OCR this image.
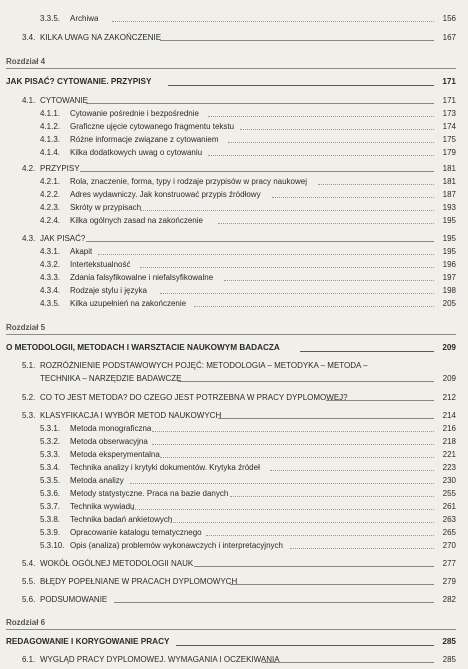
3.3.5. Archiwa	156
3.4. KILKA UWAG NA ZAKOŃCZENIE	167
Rozdział 4
JAK PISAĆ? CYTOWANIE. PRZYPISY	171
4.1. CYTOWANIE	171
4.1.1. Cytowanie pośrednie i bezpośrednie	173
4.1.2. Graficzne ujęcie cytowanego fragmentu tekstu	174
4.1.3. Różne informacje związane z cytowaniem	175
4.1.4. Kilka dodatkowych uwag o cytowaniu	179
4.2. PRZYPISY	181
4.2.1. Rola, znaczenie, forma, typy i rodzaje przypisów w pracy naukowej	181
4.2.2. Adres wydawniczy. Jak konstruować przypis źródłowy	187
4.2.3. Skróty w przypisach	193
4.2.4. Kilka ogólnych zasad na zakończenie	195
4.3. JAK PISAĆ?	195
4.3.1. Akapit	195
4.3.2. Intertekstualność	196
4.3.3. Zdania falsyfikowalne i niefalsyfikowalne	197
4.3.4. Rodzaje stylu i języka	198
4.3.5. Kilka uzupełnień na zakończenie	205
Rozdział 5
O METODOLOGII, METODACH I WARSZTACIE NAUKOWYM BADACZA	209
5.1. ROZRÓŻNIENIE PODSTAWOWYCH POJĘĆ: METODOLOGIA – METODYKA – METODA –
TECHNIKA – NARZĘDZIE BADAWCZE	209
5.2. CO TO JEST METODA? DO CZEGO JEST POTRZEBNA W PRACY DYPLOMOWEJ?	212
5.3. KLASYFIKACJA I WYBÓR METOD NAUKOWYCH	214
5.3.1. Metoda monograficzna	216
5.3.2. Metoda obserwacyjna	218
5.3.3. Metoda eksperymentalna	221
5.3.4. Technika analizy i krytyki dokumentów. Krytyka źródeł	223
5.3.5. Metoda analizy	230
5.3.6. Metody statystyczne. Praca na bazie danych	255
5.3.7. Technika wywiadu	261
5.3.8. Technika badań ankietowych	263
5.3.9. Opracowanie katalogu tematycznego	265
5.3.10. Opis (analiza) problemów wykonawczych i interpretacyjnych	270
5.4. WOKÓŁ OGÓLNEJ METODOLOGII NAUK	277
5.5. BŁĘDY POPEŁNIANE W PRACACH DYPLOMOWYCH	279
5.6. PODSUMOWANIE	282
Rozdział 6
REDAGOWANIE I KORYGOWANIE PRACY	285
6.1. WYGLĄD PRACY DYPLOMOWEJ. WYMAGANIA I OCZEKIWANIA	285
